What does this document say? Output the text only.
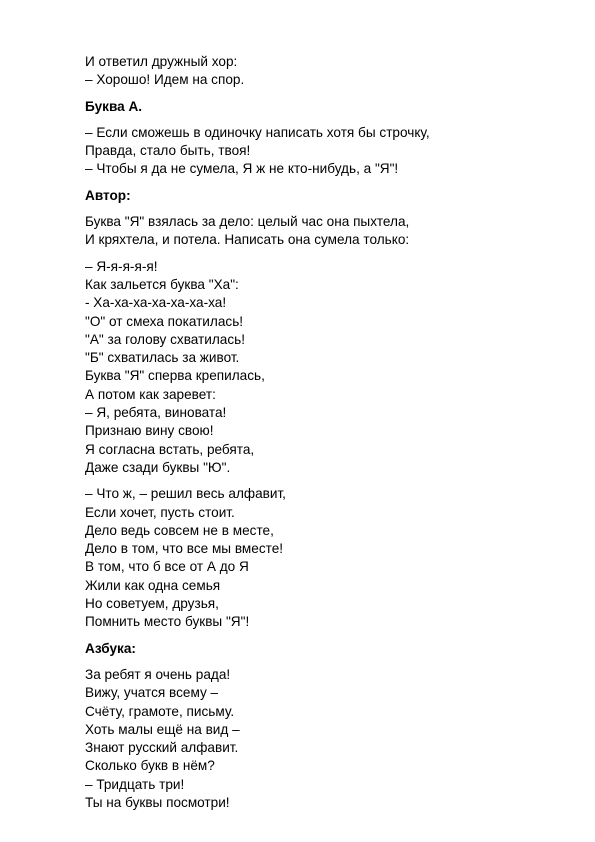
И ответил дружный хор:
– Хорошо! Идем на спор.
Буква А.
– Если сможешь в одиночку написать хотя бы строчку,
Правда, стало быть, твоя!
– Чтобы я да не сумела, Я ж не кто-нибудь, а "Я"!
Автор:
Буква "Я" взялась за дело: целый час она пыхтела,
И кряхтела, и потела. Написать она сумела только:
– Я-я-я-я-я!
Как зальется буква "Ха":
- Ха-ха-ха-ха-ха-ха-ха!
"О" от смеха покатилась!
"А" за голову схватилась!
"Б" схватилась за живот.
Буква "Я" сперва крепилась,
А потом как заревет:
– Я, ребята, виновата!
Признаю вину свою!
Я согласна встать, ребята,
Даже сзади буквы "Ю".
– Что ж, – решил весь алфавит,
Если хочет, пусть стоит.
Дело ведь совсем не в месте,
Дело в том, что все мы вместе!
В том, что б все от А до Я
Жили как одна семья
Но советуем, друзья,
Помнить место буквы "Я"!
Азбука:
За ребят я очень рада!
Вижу, учатся всему –
Счёту, грамоте, письму.
Хоть малы ещё на вид –
Знают русский алфавит.
Сколько букв в нём?
– Тридцать три!
Ты на буквы посмотри!
